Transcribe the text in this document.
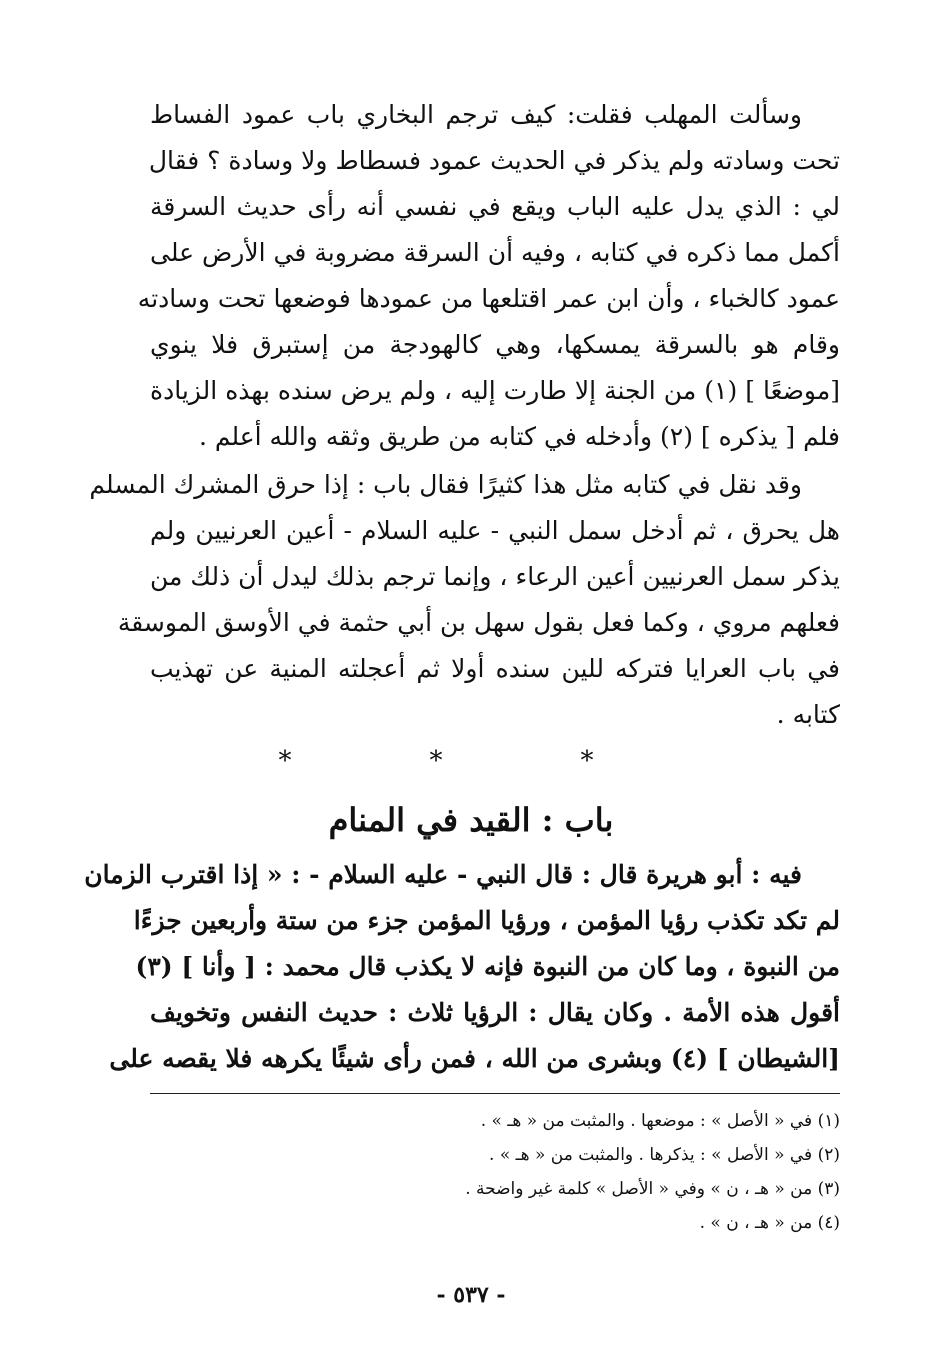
وسألت المهلب فقلت: كيف ترجم البخاري باب عمود الفساط
تحت وسادته ولم يذكر في الحديث عمود فسطاط ولا وسادة ؟ فقال
لي : الذي يدل عليه الباب ويقع في نفسي أنه رأى حديث السرقة
أكمل مما ذكره في كتابه ، وفيه أن السرقة مضروبة في الأرض على
عمود كالخباء ، وأن ابن عمر اقتلعها من عمودها فوضعها تحت وسادته
وقام هو بالسرقة يمسكها، وهي كالهودجة من إستبرق فلا ينوي
[موضعًا ] (١) من الجنة إلا طارت إليه ، ولم يرض سنده بهذه الزيادة
فلم [ يذكره ] (٢) وأدخله في كتابه من طريق وثقه والله أعلم .
وقد نقل في كتابه مثل هذا كثيرًا فقال باب : إذا حرق المشرك المسلم
هل يحرق ، ثم أدخل سمل النبي - عليه السلام - أعين العرنيين ولم
يذكر سمل العرنيين أعين الرعاء ، وإنما ترجم بذلك ليدل أن ذلك من
فعلهم مروي ، وكما فعل بقول سهل بن أبي حثمة في الأوسق الموسقة
في باب العرايا فتركه للين سنده أولا ثم أعجلته المنية عن تهذيب
كتابه .
*	*	*
باب : القيد في المنام
فيه : أبو هريرة قال : قال النبي - عليه السلام - : « إذا اقترب الزمان
لم تكد تكذب رؤيا المؤمن ، ورؤيا المؤمن جزء من ستة وأربعين جزءًا
من النبوة ، وما كان من النبوة فإنه لا يكذب قال محمد : [ وأنا ] (٣)
أقول هذه الأمة . وكان يقال : الرؤيا ثلاث : حديث النفس وتخويف
[الشيطان ] (٤) وبشرى من الله ، فمن رأى شيئًا يكرهه فلا يقصه على
(١) في « الأصل » : موضعها . والمثبت من « هـ » .
(٢) في « الأصل » : يذكرها . والمثبت من « هـ » .
(٣) من « هـ ، ن » وفي « الأصل » كلمة غير واضحة .
(٤) من « هـ ، ن » .
- ٥٣٧ -
